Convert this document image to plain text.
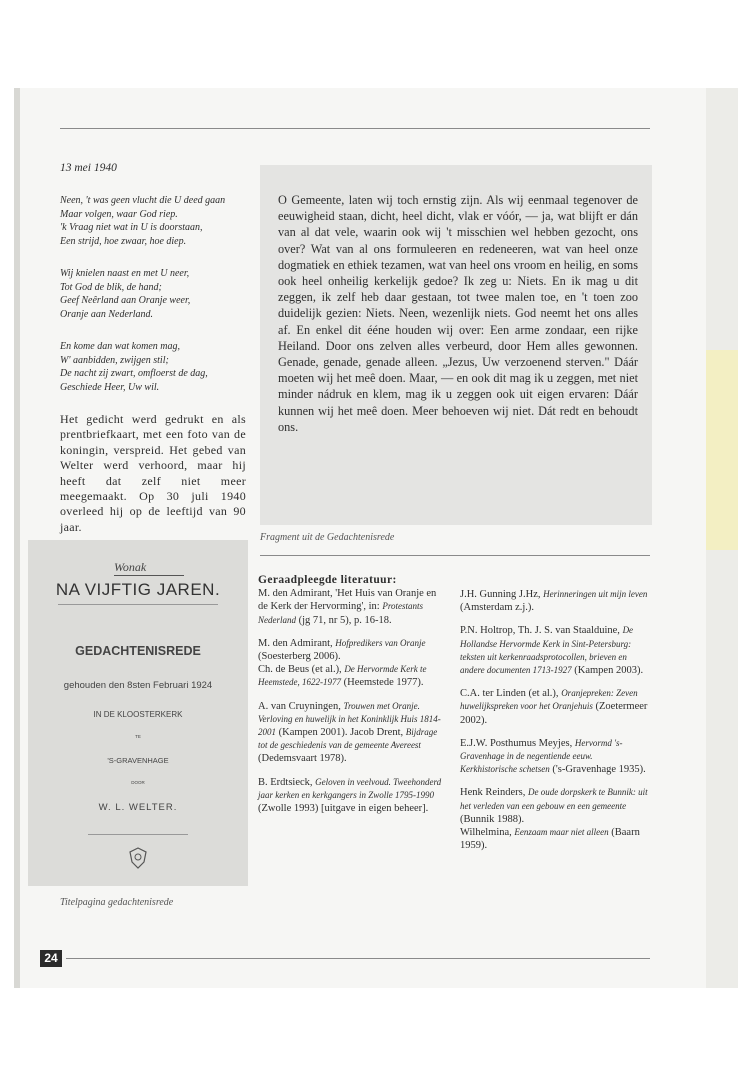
13 mei 1940
Neen, 't was geen vlucht die U deed gaan
Maar volgen, waar God riep.
'k Vraag niet wat in U is doorstaan,
Een strijd, hoe zwaar, hoe diep.
Wij knielen naast en met U neer,
Tot God de blik, de hand;
Geef Neêrland aan Oranje weer,
Oranje aan Nederland.
En kome dan wat komen mag,
W' aanbidden, zwijgen stil;
De nacht zij zwart, omfloerst de dag,
Geschiede Heer, Uw wil.
Het gedicht werd gedrukt en als prentbriefkaart, met een foto van de koningin, verspreid. Het gebed van Welter werd verhoord, maar hij heeft dat zelf niet meer meegemaakt. Op 30 juli 1940 overleed hij op de leeftijd van 90 jaar.
O Gemeente, laten wij toch ernstig zijn. Als wij eenmaal tegenover de eeuwigheid staan, dicht, heel dicht, vlak er vóór, — ja, wat blijft er dán van al dat vele, waarin ook wij 't misschien wel hebben gezocht, ons over? Wat van al ons formuleeren en redeneeren, wat van heel onze dogmatiek en ethiek tezamen, wat van heel ons vroom en heilig, en soms ook heel onheilig kerkelijk gedoe? Ik zeg u: Niets. En ik mag u dit zeggen, ik zelf heb daar gestaan, tot twee malen toe, en 't toen zoo duidelijk gezien: Niets. Neen, wezenlijk niets. God neemt het ons alles af. En enkel dit ééne houden wij over: Een arme zondaar, een rijke Heiland. Door ons zelven alles verbeurd, door Hem alles gewonnen. Genade, genade, genade alleen. „Jezus, Uw verzoenend sterven." Dáár moeten wij het meê doen. Maar, — en ook dit mag ik u zeggen, met niet minder nádruk en klem, mag ik u zeggen ook uit eigen ervaren: Dáár kunnen wij het meê doen. Meer behoeven wij niet. Dát redt en behoudt ons.
Fragment uit de Gedachtenisrede
Wonak
NA VIJFTIG JAREN.
GEDACHTENISREDE
gehouden den 8sten Februari 1924
IN DE KLOOSTERKERK
TE
'S-GRAVENHAGE
DOOR
W. L. WELTER.
Titelpagina gedachtenisrede
Geraadpleegde literatuur:

M. den Admirant, 'Het Huis van Oranje en de Kerk der Hervorming', in: Protestants Nederland (jg 71, nr 5), p. 16-18.

M. den Admirant, Hofpredikers van Oranje (Soesterberg 2006).
Ch. de Beus (et al.), De Hervormde Kerk te Heemstede, 1622-1977 (Heemstede 1977).

A. van Cruyningen, Trouwen met Oranje. Verloving en huwelijk in het Koninklijk Huis 1814-2001 (Kampen 2001). Jacob Drent, Bijdrage tot de geschiedenis van de gemeente Avereest (Dedemsvaart 1978).

B. Erdtsieck, Geloven in veelvoud. Tweehonderd jaar kerken en kerkgangers in Zwolle 1795-1990 (Zwolle 1993) [uitgave in eigen beheer].

J.H. Gunning J.Hz, Herinneringen uit mijn leven (Amsterdam z.j.).

P.N. Holtrop, Th. J. S. van Staalduine, De Hollandse Hervormde Kerk in Sint-Petersburg: teksten uit kerkenraadsprotocollen, brieven en andere documenten 1713-1927 (Kampen 2003).

C.A. ter Linden (et al.), Oranjepreken: Zeven huwelijkspreken voor het Oranjehuis (Zoetermeer 2002).

E.J.W. Posthumus Meyjes, Hervormd 's-Gravenhage in de negentiende eeuw. Kerkhistorische schetsen ('s-Gravenhage 1935).

Henk Reinders, De oude dorpskerk te Bunnik: uit het verleden van een gebouw en een gemeente (Bunnik 1988).
Wilhelmina, Eenzaam maar niet alleen (Baarn 1959).

24
